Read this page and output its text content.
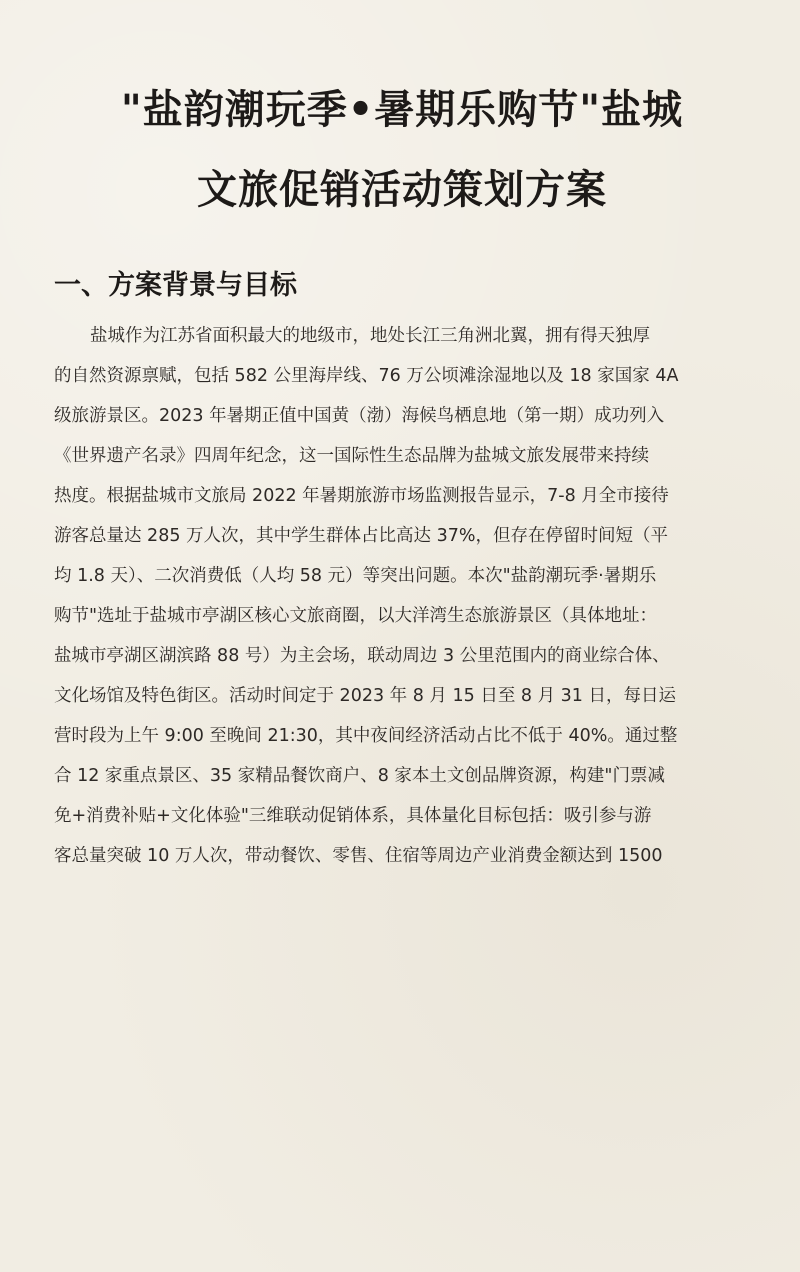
"盐韵潮玩季•暑期乐购节"盐城
文旅促销活动策划方案
一、方案背景与目标
盐城作为江苏省面积最大的地级市，地处长江三角洲北翼，拥有得天独厚
的自然资源禀赋，包括 582 公里海岸线、76 万公顷滩涂湿地以及 18 家国家 4A
级旅游景区。2023 年暑期正值中国黄（渤）海候鸟栖息地（第一期）成功列入
《世界遗产名录》四周年纪念，这一国际性生态品牌为盐城文旅发展带来持续
热度。根据盐城市文旅局 2022 年暑期旅游市场监测报告显示，7-8 月全市接待
游客总量达 285 万人次，其中学生群体占比高达 37%，但存在停留时间短（平
均 1.8 天）、二次消费低（人均 58 元）等突出问题。本次"盐韵潮玩季·暑期乐
购节"选址于盐城市亭湖区核心文旅商圈，以大洋湾生态旅游景区（具体地址：
盐城市亭湖区湖滨路 88 号）为主会场，联动周边 3 公里范围内的商业综合体、
文化场馆及特色街区。活动时间定于 2023 年 8 月 15 日至 8 月 31 日，每日运
营时段为上午 9:00 至晚间 21:30，其中夜间经济活动占比不低于 40%。通过整
合 12 家重点景区、35 家精品餐饮商户、8 家本土文创品牌资源，构建"门票减
免+消费补贴+文化体验"三维联动促销体系，具体量化目标包括：吸引参与游
客总量突破 10 万人次，带动餐饮、零售、住宿等周边产业消费金额达到 1500
